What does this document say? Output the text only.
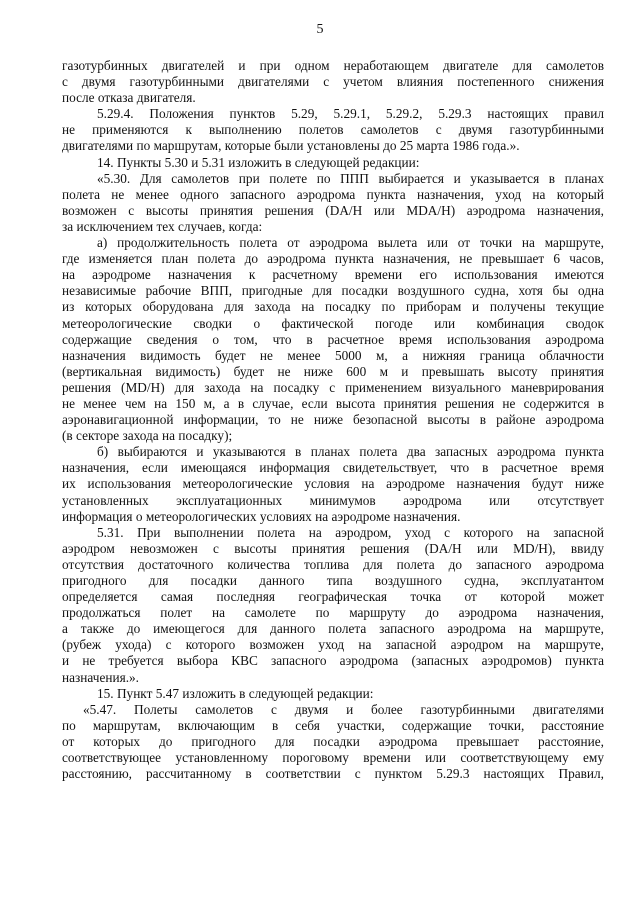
5
газотурбинных двигателей и при одном неработающем двигателе для самолетов
с двумя газотурбинными двигателями с учетом влияния постепенного снижения
после отказа двигателя.
5.29.4. Положения пунктов 5.29, 5.29.1, 5.29.2, 5.29.3 настоящих правил
не применяются к выполнению полетов самолетов с двумя газотурбинными
двигателями по маршрутам, которые были установлены до 25 марта 1986 года.».
14. Пункты 5.30 и 5.31 изложить в следующей редакции:
«5.30. Для самолетов при полете по ППП выбирается и указывается в планах
полета не менее одного запасного аэродрома пункта назначения, уход на который
возможен с высоты принятия решения (DA/H или MDA/H) аэродрома назначения,
за исключением тех случаев, когда:
а) продолжительность полета от аэродрома вылета или от точки на маршруте,
где изменяется план полета до аэродрома пункта назначения, не превышает 6 часов,
на аэродроме назначения к расчетному времени его использования имеются
независимые рабочие ВПП, пригодные для посадки воздушного судна, хотя бы одна
из которых оборудована для захода на посадку по приборам и получены текущие
метеорологические сводки о фактической погоде или комбинация сводок
содержащие сведения о том, что в расчетное время использования аэродрома
назначения видимость будет не менее 5000 м, а нижняя граница облачности
(вертикальная видимость) будет не ниже 600 м и превышать высоту принятия
решения (MD/H) для захода на посадку с применением визуального маневрирования
не менее чем на 150 м, а в случае, если высота принятия решения не содержится в
аэронавигационной информации, то не ниже безопасной высоты в районе аэродрома
(в секторе захода на посадку);
б) выбираются и указываются в планах полета два запасных аэродрома пункта
назначения, если имеющаяся информация свидетельствует, что в расчетное время
их использования метеорологические условия на аэродроме назначения будут ниже
установленных эксплуатационных минимумов аэродрома или отсутствует
информация о метеорологических условиях на аэродроме назначения.
5.31. При выполнении полета на аэродром, уход с которого на запасной
аэродром невозможен с высоты принятия решения (DA/H или MD/H), ввиду
отсутствия достаточного количества топлива для полета до запасного аэродрома
пригодного для посадки данного типа воздушного судна, эксплуатантом
определяется самая последняя географическая точка от которой может
продолжаться полет на самолете по маршруту до аэродрома назначения,
а также до имеющегося для данного полета запасного аэродрома на маршруте,
(рубеж ухода) с которого возможен уход на запасной аэродром на маршруте,
и не требуется выбора КВС запасного аэродрома (запасных аэродромов) пункта
назначения.».
15. Пункт 5.47 изложить в следующей редакции:
«5.47. Полеты самолетов с двумя и более газотурбинными двигателями
по маршрутам, включающим в себя участки, содержащие точки, расстояние
от которых до пригодного для посадки аэродрома превышает расстояние,
соответствующее установленному пороговому времени или соответствующему ему
расстоянию, рассчитанному в соответствии с пунктом 5.29.3 настоящих Правил,
